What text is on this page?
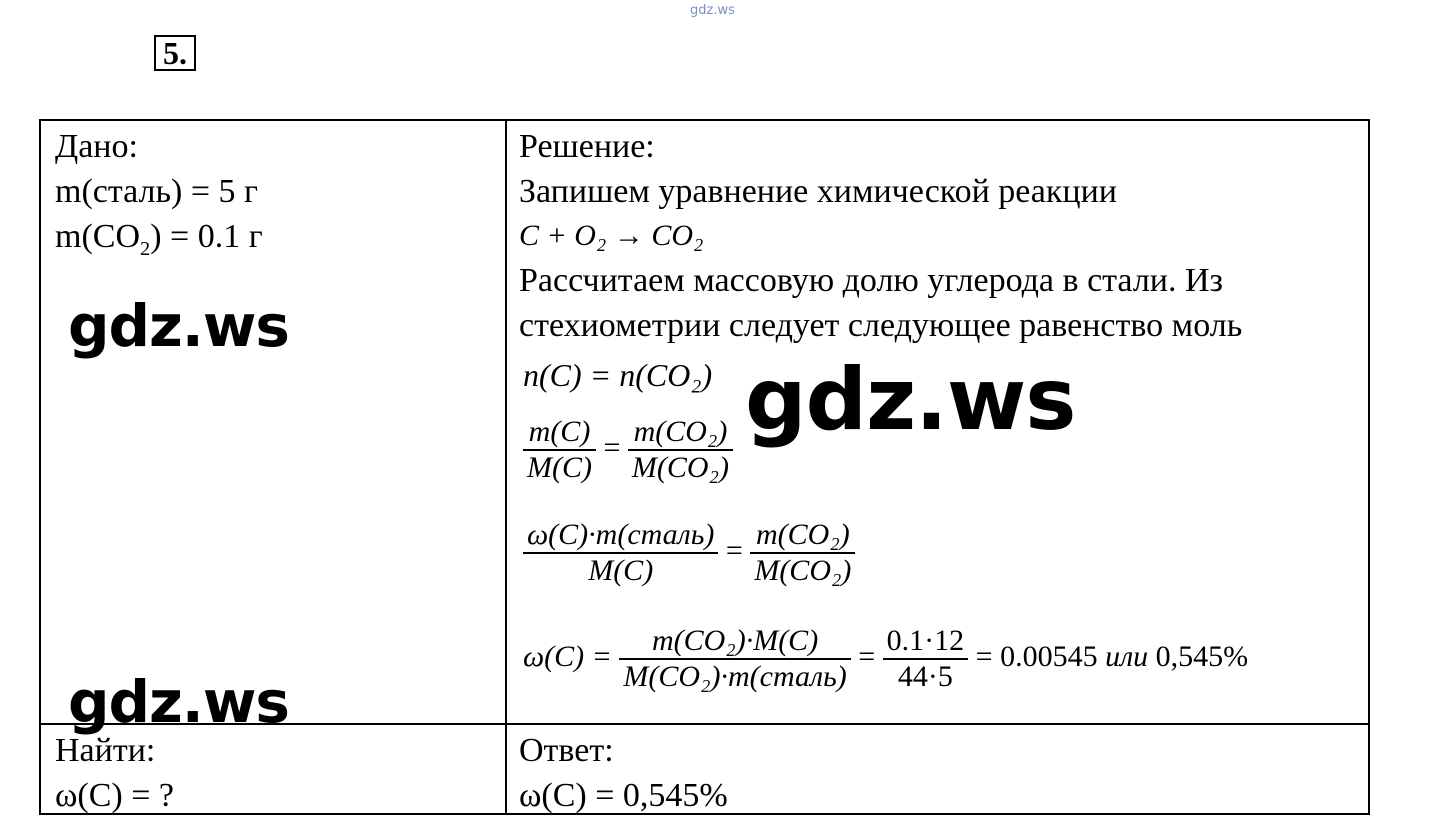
gdz.ws
5.
Дано:
m(сталь) = 5 г
$m(CO_2) = 0.1$ г
Найти:
ω(C) = ?
Решение:
Запишем уравнение химической реакции
C + O₂ → CO₂
Рассчитаем массовую долю углерода в стали. Из
стехиометрии следует следующее равенство моль
Ответ:
ω(C) = 0,545%
n(C) = n(CO₂)
$\frac{m(C)}{M(C)} = \frac{\text{m(CO₂)}}{\text{M(CO₂)}}$
$\frac{\text{ω(C)·m(сталь)}}{M(C)} = \frac{\text{m(CO₂)}}{\text{M(CO₂)}}$
$\omega(C) = \frac{\text{m(CO₂)·M(C)}}{\text{M(CO₂)·m(сталь)}} = \frac{0.1\cdot 12}{44\cdot 5} = 0.00545$ или 0,545%
gdz.ws
gdz.ws
gdz.ws
